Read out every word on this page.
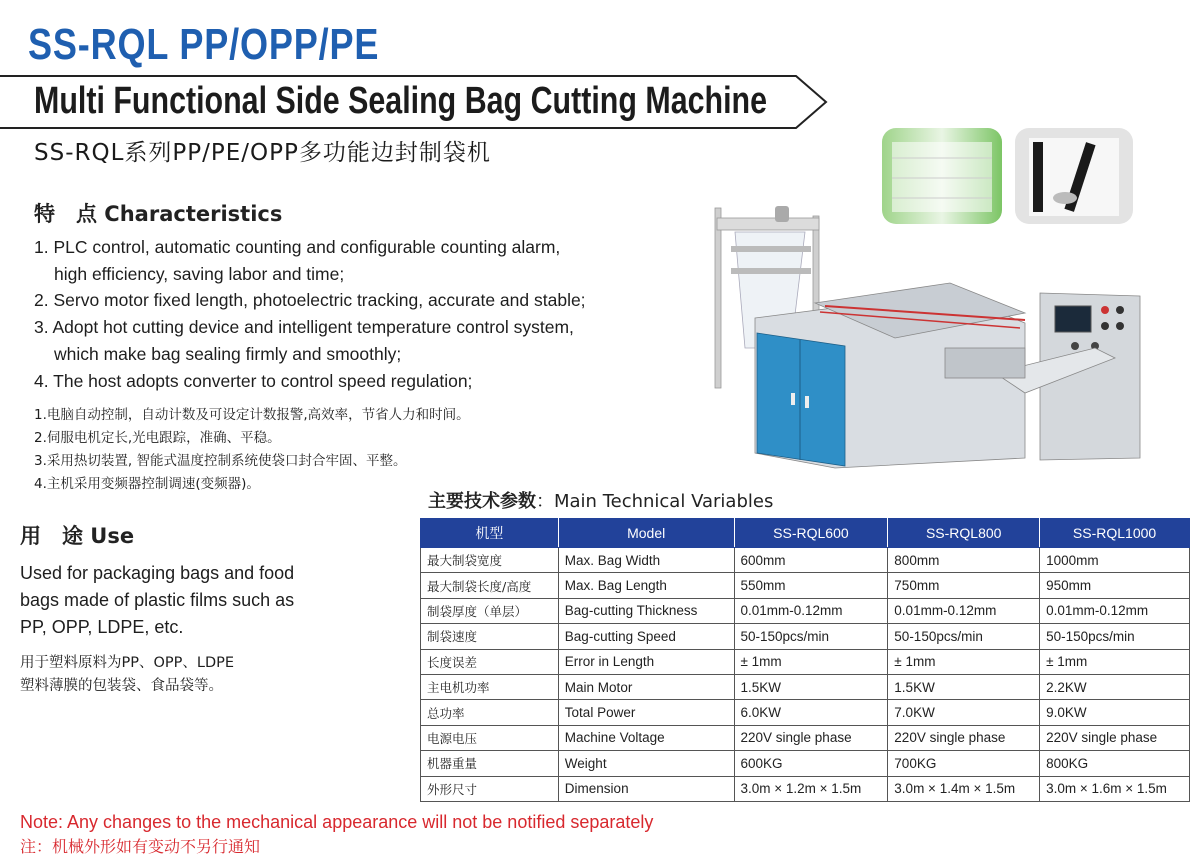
SS-RQL PP/OPP/PE
Multi Functional Side Sealing Bag Cutting Machine
SS-RQL系列PP/PE/OPP多功能边封制袋机
特　点 Characteristics
1. PLC control, automatic counting and configurable counting alarm,
high efficiency, saving labor and time;
2. Servo motor fixed length, photoelectric tracking, accurate and stable;
3. Adopt hot cutting device and intelligent temperature control system,
which make bag sealing firmly and smoothly;
4. The host adopts converter to control speed regulation;
1.电脑自动控制，自动计数及可设定计数报警,高效率，节省人力和时间。
2.伺服电机定长,光电跟踪，准确、平稳。
3.采用热切装置, 智能式温度控制系统使袋口封合牢固、平整。
4.主机采用变频器控制调速(变频器)。
用　途 Use
Used for packaging bags and food
bags made of plastic films such as
PP, OPP, LDPE, etc.
用于塑料原料为PP、OPP、LDPE
塑料薄膜的包装袋、食品袋等。
主要技术参数：Main Technical Variables
机型	Model	SS-RQL600	SS-RQL800	SS-RQL1000
最大制袋宽度	Max. Bag Width	600mm	800mm	1000mm
最大制袋长度/高度	Max. Bag Length	550mm	750mm	950mm
制袋厚度（单层）	Bag-cutting Thickness	0.01mm-0.12mm	0.01mm-0.12mm	0.01mm-0.12mm
制袋速度	Bag-cutting Speed	50-150pcs/min	50-150pcs/min	50-150pcs/min
长度误差	Error in Length	± 1mm	± 1mm	± 1mm
主电机功率	Main Motor	1.5KW	1.5KW	2.2KW
总功率	Total Power	6.0KW	7.0KW	9.0KW
电源电压	Machine Voltage	220V single phase	220V single phase	220V single phase
机器重量	Weight	600KG	700KG	800KG
外形尺寸	Dimension	3.0m × 1.2m × 1.5m	3.0m × 1.4m × 1.5m	3.0m × 1.6m × 1.5m
Note: Any changes to the mechanical appearance will not be notified separately
注：机械外形如有变动不另行通知
